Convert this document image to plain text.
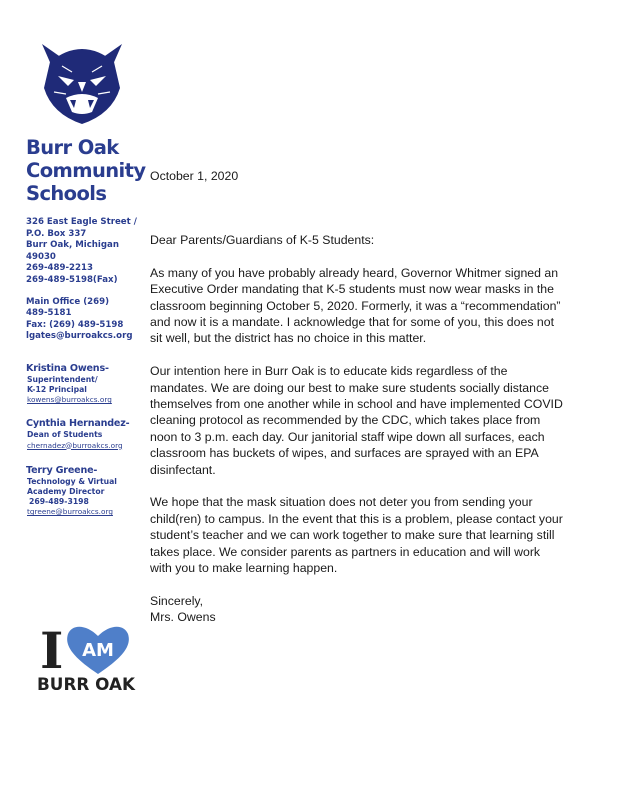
Burr Oak
Community
Schools
326 East Eagle Street /
P.O. Box 337
Burr Oak, Michigan
49030
269-489-2213
269-489-5198(Fax)
Main Office (269)
489-5181
Fax: (269) 489-5198
lgates@burroakcs.org
Kristina Owens-
Superintendent/
K-12 Principal
kowens@burroakcs.org
Cynthia Hernandez-
Dean of Students
chernadez@burroakcs.org
Terry Greene-
Technology & Virtual
Academy Director
269-489-3198
tgreene@burroakcs.org
I AM
BURR OAK

October 1, 2020

Dear Parents/Guardians of K-5 Students:

As many of you have probably already heard, Governor Whitmer signed an
Executive Order mandating that K-5 students must now wear masks in the
classroom beginning October 5, 2020. Formerly, it was a “recommendation”
and now it is a mandate. I acknowledge that for some of you, this does not
sit well, but the district has no choice in this matter.

Our intention here in Burr Oak is to educate kids regardless of the
mandates. We are doing our best to make sure students socially distance
themselves from one another while in school and have implemented COVID
cleaning protocol as recommended by the CDC, which takes place from
noon to 3 p.m. each day. Our janitorial staff wipe down all surfaces, each
classroom has buckets of wipes, and surfaces are sprayed with an EPA
disinfectant.

We hope that the mask situation does not deter you from sending your
child(ren) to campus. In the event that this is a problem, please contact your
student’s teacher and we can work together to make sure that learning still
takes place. We consider parents as partners in education and will work
with you to make learning happen.

Sincerely,

Mrs. Owens
